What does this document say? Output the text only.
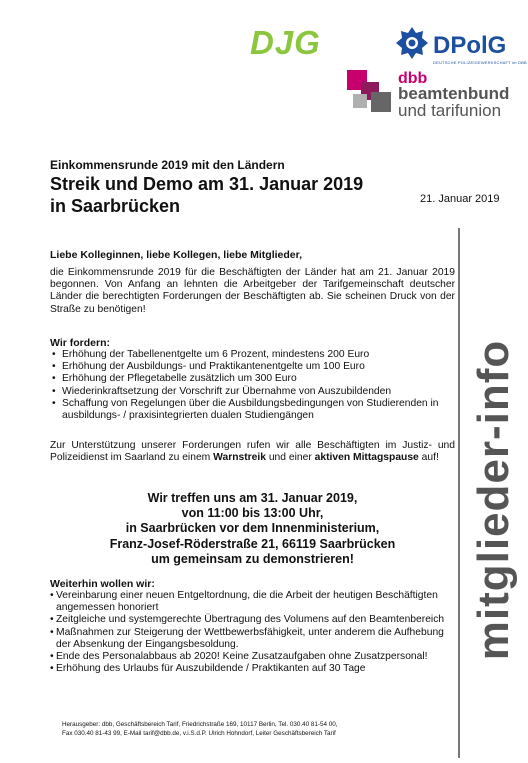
DJG	DPolG
DEUTSCHE POLIZEIGEWERKSCHAFT im DBB
dbb
beamtenbund
und tarifunion
Einkommensrunde 2019 mit den Ländern
Streik und Demo am 31. Januar 2019
in Saarbrücken	21. Januar 2019
mitglieder-info
Liebe Kolleginnen, liebe Kollegen, liebe Mitglieder,
die Einkommensrunde 2019 für die Beschäftigten der Länder hat am 21. Januar 2019 begonnen. Von Anfang an lehnten die Arbeitgeber der Tarifgemeinschaft deutscher Länder die berechtigten Forderungen der Beschäftigten ab. Sie scheinen Druck von der Straße zu benötigen!
Wir fordern:
• Erhöhung der Tabellenentgelte um 6 Prozent, mindestens 200 Euro
• Erhöhung der Ausbildungs- und Praktikantenentgelte um 100 Euro
• Erhöhung der Pflegetabelle zusätzlich um 300 Euro
• Wiederinkraftsetzung der Vorschrift zur Übernahme von Auszubildenden
• Schaffung von Regelungen über die Ausbildungsbedingungen von Studierenden in ausbildungs- / praxisintegrierten dualen Studiengängen
Zur Unterstützung unserer Forderungen rufen wir alle Beschäftigten im Justiz- und Polizeidienst im Saarland zu einem Warnstreik und einer aktiven Mittagspause auf!
Wir treffen uns am 31. Januar 2019,
von 11:00 bis 13:00 Uhr,
in Saarbrücken vor dem Innenministerium,
Franz-Josef-Röderstraße 21, 66119 Saarbrücken
um gemeinsam zu demonstrieren!
Weiterhin wollen wir:
• Vereinbarung einer neuen Entgeltordnung, die die Arbeit der heutigen Beschäftigten angemessen honoriert
• Zeitgleiche und systemgerechte Übertragung des Volumens auf den Beamtenbereich
• Maßnahmen zur Steigerung der Wettbewerbsfähigkeit, unter anderem die Aufhebung der Absenkung der Eingangsbesoldung.
• Ende des Personalabbaus ab 2020! Keine Zusatzaufgaben ohne Zusatzpersonal!
• Erhöhung des Urlaubs für Auszubildende / Praktikanten auf 30 Tage
Herausgeber: dbb, Geschäftsbereich Tarif, Friedrichstraße 169, 10117 Berlin, Tel. 030.40 81-54 00,
Fax 030.40 81-43 99, E-Mail tarif@dbb.de, v.i.S.d.P. Ulrich Hohndorf, Leiter Geschäftsbereich Tarif
